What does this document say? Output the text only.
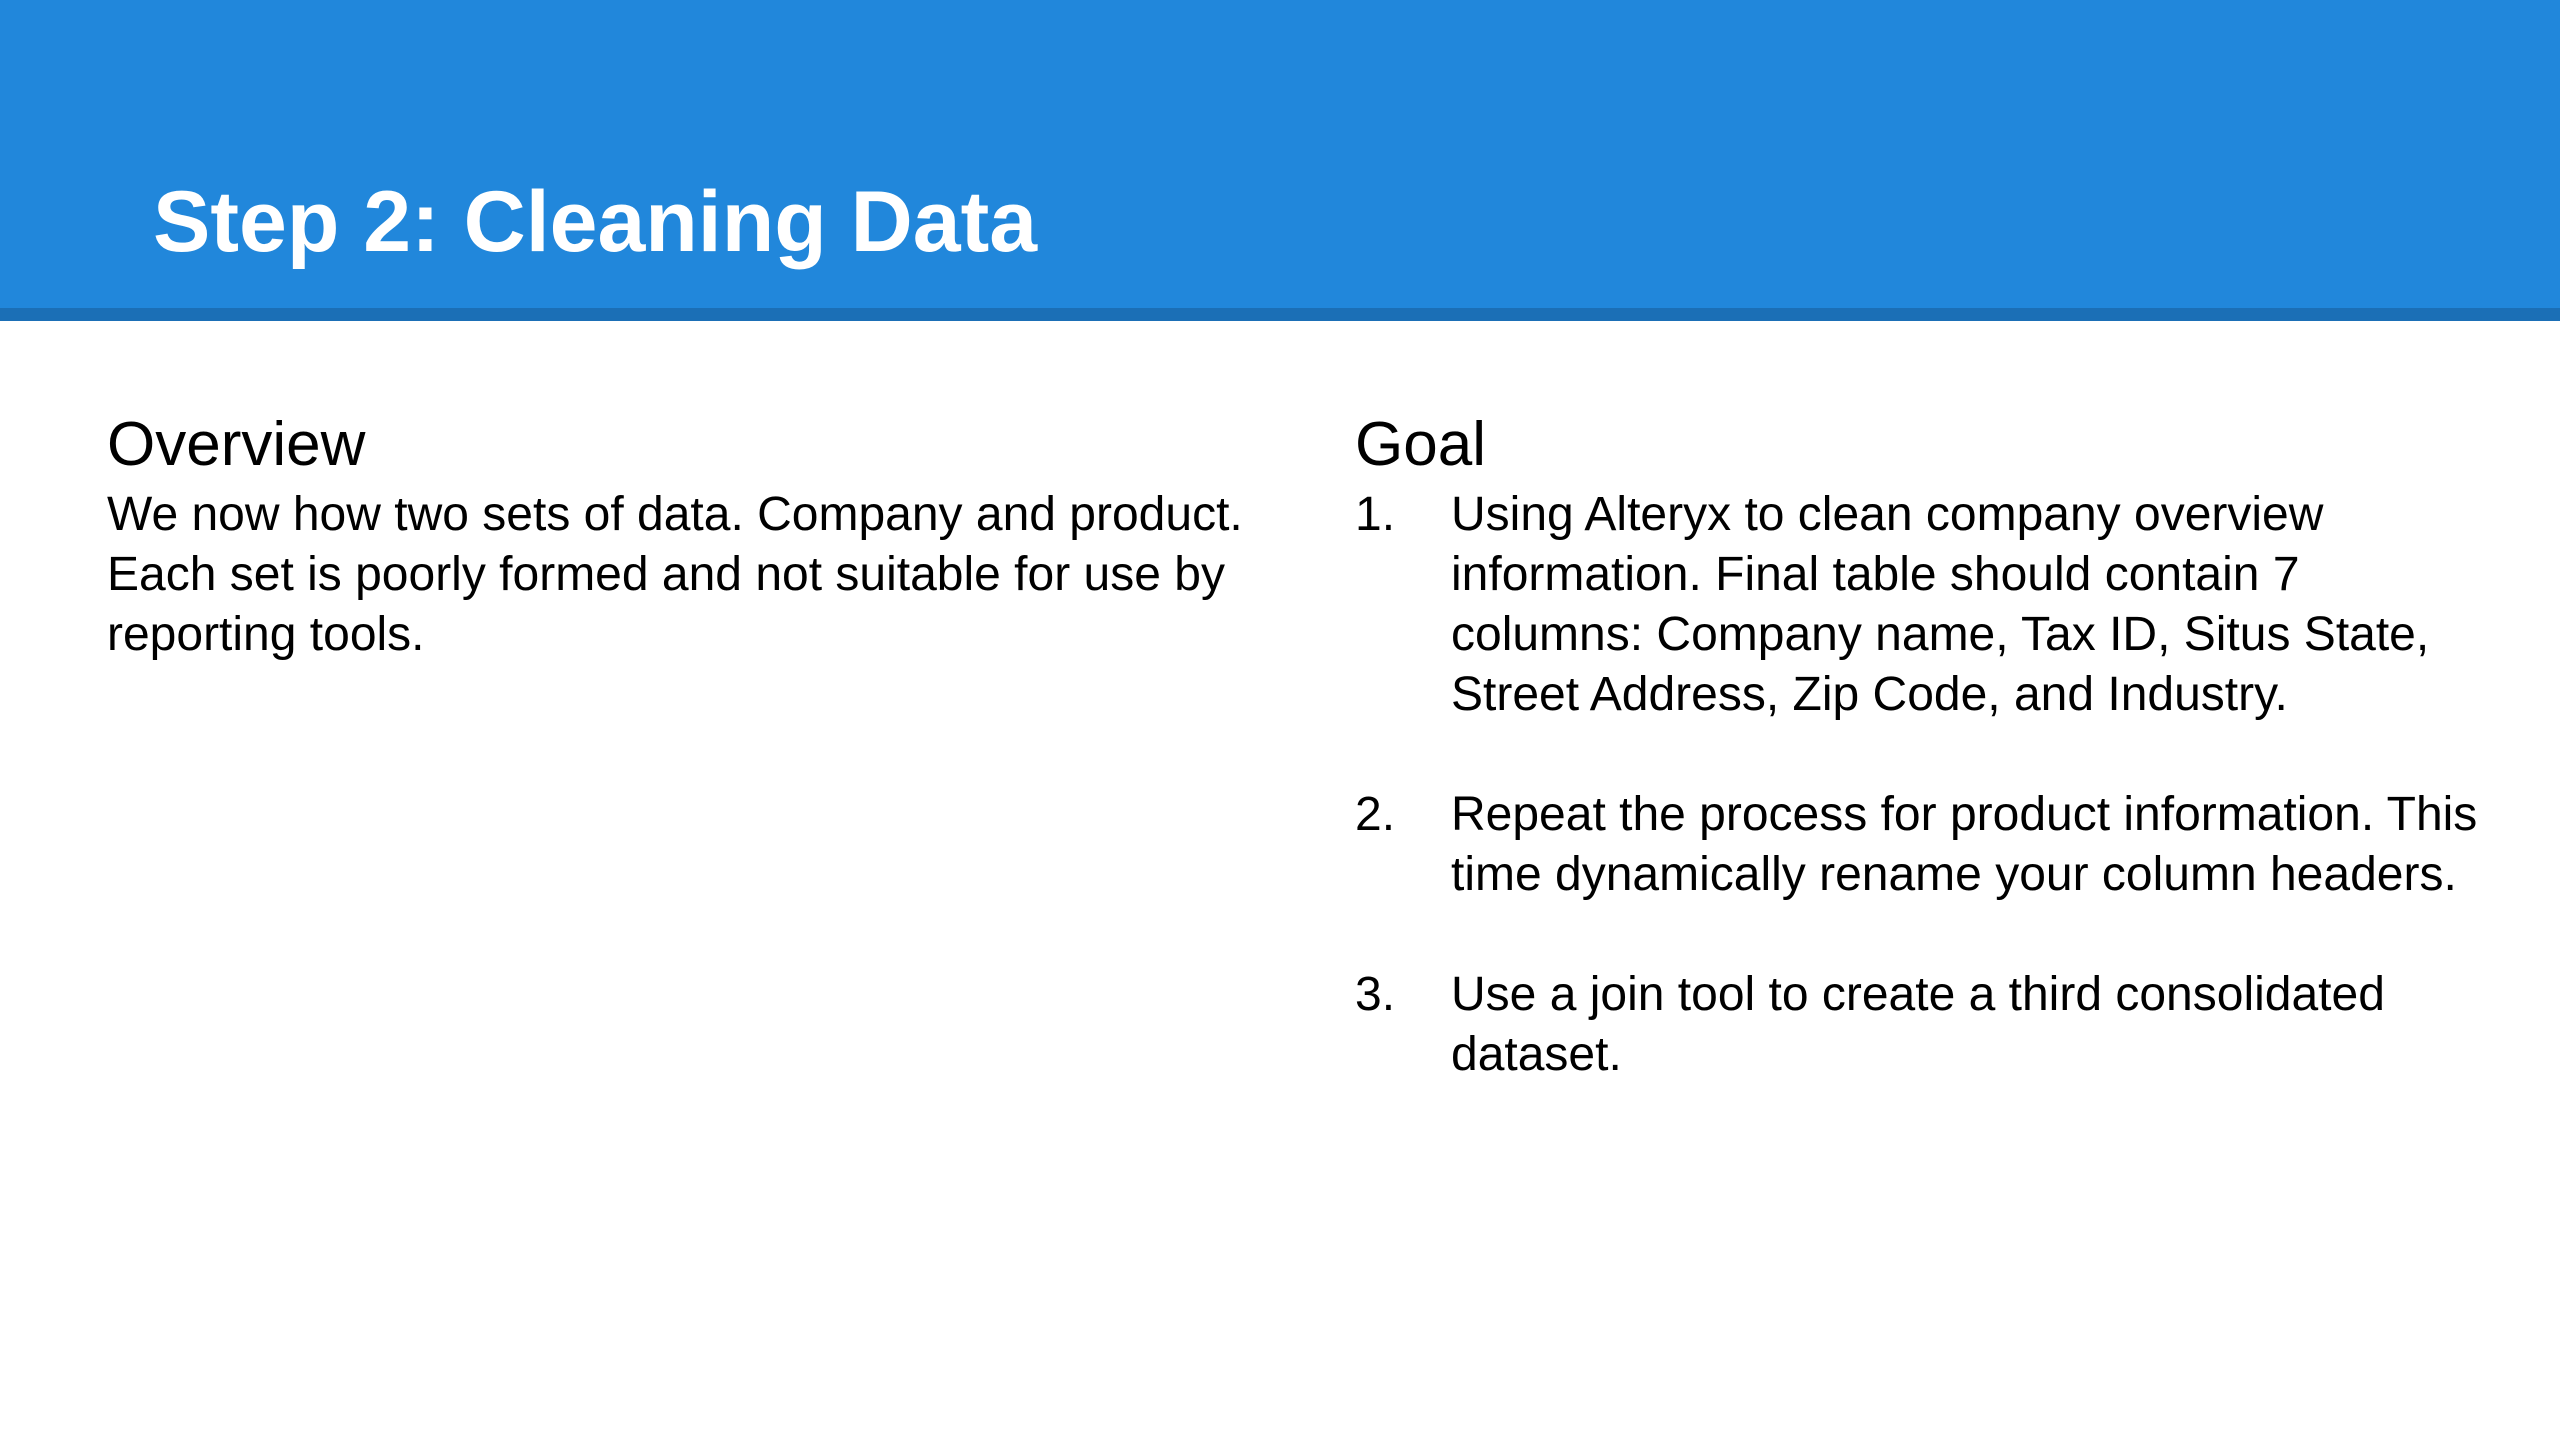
Step 2: Cleaning Data
Overview

We now how two sets of data. Company and product. Each set is poorly formed and not suitable for use by reporting tools.

Goal
1.	Using Alteryx to clean company overview information. Final table should contain 7 columns: Company name, Tax ID, Situs State, Street Address, Zip Code, and Industry.
2.	Repeat the process for product information. This time dynamically rename your column headers.
3.	Use a join tool to create a third consolidated dataset.
